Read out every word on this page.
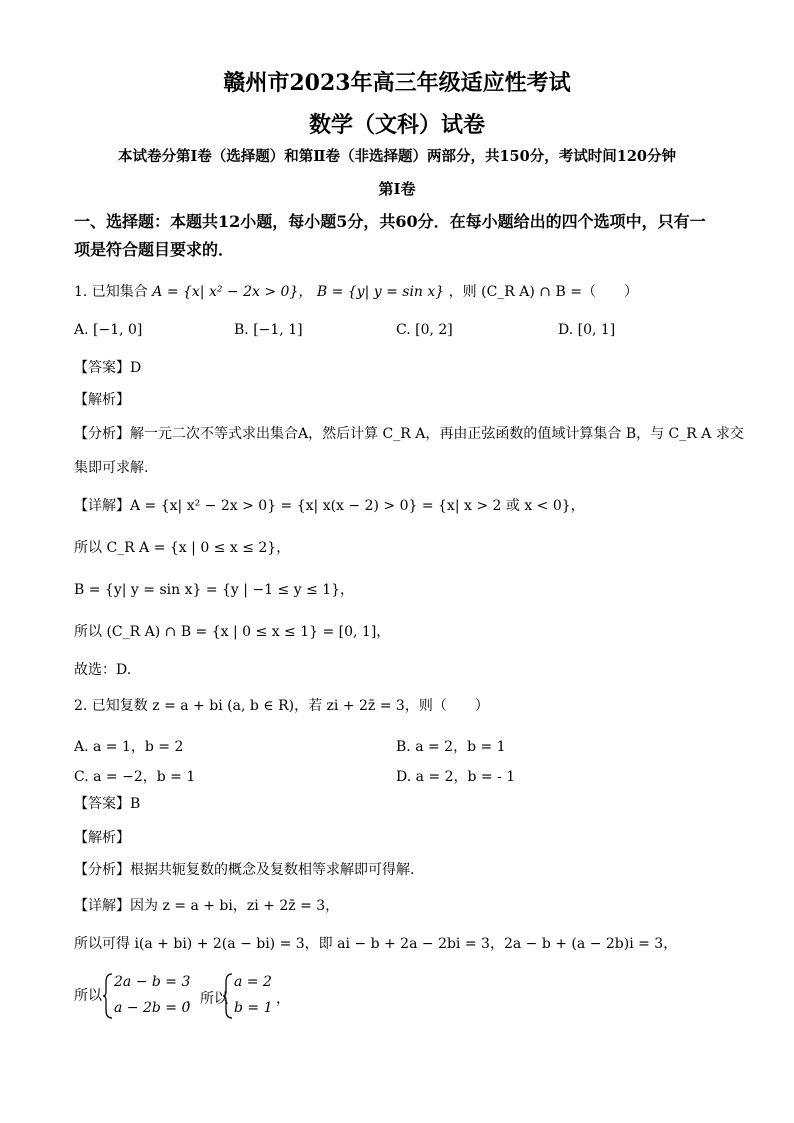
赣州市2023年高三年级适应性考试
数学（文科）试卷
本试卷分第Ⅰ卷（选择题）和第Ⅱ卷（非选择题）两部分，共150分，考试时间120分钟
第Ⅰ卷
一、选择题：本题共12小题，每小题5分，共60分．在每小题给出的四个选项中，只有一
项是符合题目要求的．
1. 已知集合 A = {x| x² − 2x > 0}， B = {y| y = sin x} ，则 (C_R A) ∩ B =（　　）
A. [−1, 0]	B. [−1, 1]	C. [0, 2]	D. [0, 1]
【答案】D
【解析】
【分析】解一元二次不等式求出集合A，然后计算 C_R A，再由正弦函数的值域计算集合 B，与 C_R A 求交
集即可求解.
【详解】A = {x| x² − 2x > 0} = {x| x(x − 2) > 0} = {x| x > 2 或 x < 0}，
所以 C_R A = {x | 0 ≤ x ≤ 2}，
B = {y| y = sin x} = {y | −1 ≤ y ≤ 1}，
所以 (C_R A) ∩ B = {x | 0 ≤ x ≤ 1} = [0, 1]，
故选：D.
2. 已知复数 z = a + bi (a, b ∈ R)，若 zi + 2z̄ = 3，则（　　）
A. a = 1，b = 2	B. a = 2，b = 1
C. a = −2，b = 1	D. a = 2，b = - 1
【答案】B
【解析】
【分析】根据共轭复数的概念及复数相等求解即可得解.
【详解】因为 z = a + bi，zi + 2z̄ = 3，
所以可得 i(a + bi) + 2(a − bi) = 3，即 ai − b + 2a − 2bi = 3，2a − b + (a − 2b)i = 3，
所以
2a − b = 3
a − 2b = 0
，所以
a = 2
b = 1
，
